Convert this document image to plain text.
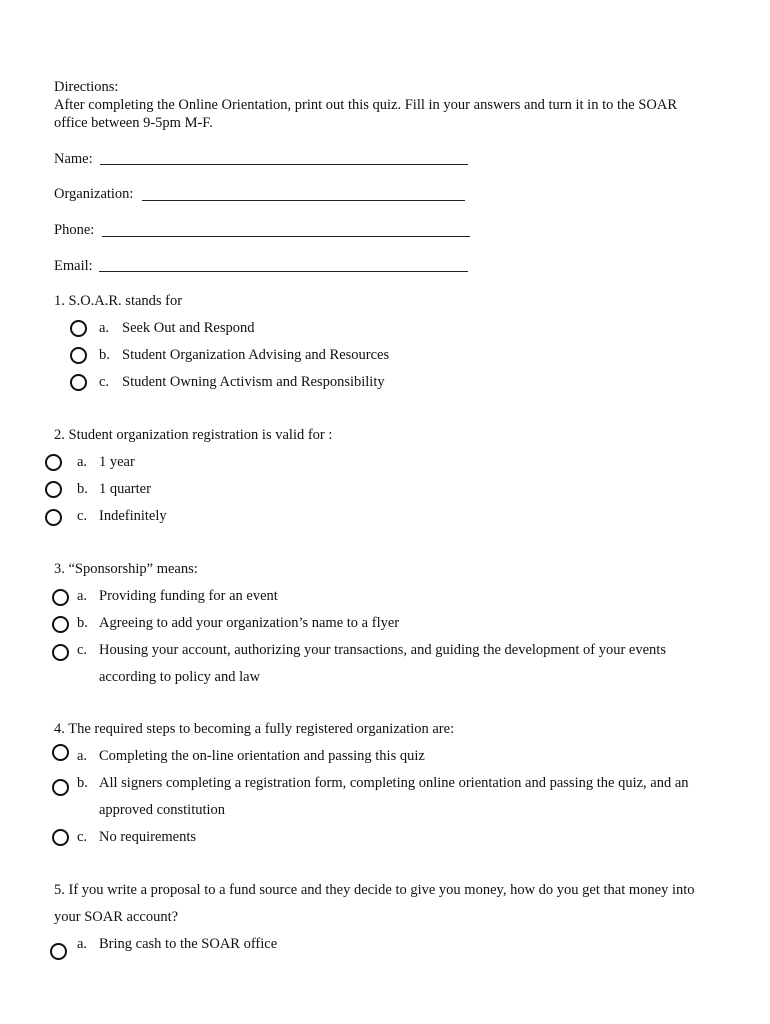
Directions:
After completing the Online Orientation, print out this quiz. Fill in your answers and turn it in to the SOAR
office between 9-5pm M-F.
Name:
Organization:
Phone:
Email:
1. S.O.A.R. stands for
a. Seek Out and Respond
b. Student Organization Advising and Resources
c. Student Owning Activism and Responsibility
2. Student organization registration is valid for :
a. 1 year
b. 1 quarter
c. Indefinitely
3. “Sponsorship” means:
a. Providing funding for an event
b. Agreeing to add your organization’s name to a flyer
c. Housing your account, authorizing your transactions, and guiding the development of your events
according to policy and law
4. The required steps to becoming a fully registered organization are:
a. Completing the on-line orientation and passing this quiz
b. All signers completing a registration form, completing online orientation and passing the quiz, and an
approved constitution
c. No requirements
5. If you write a proposal to a fund source and they decide to give you money, how do you get that money into
your SOAR account?
a. Bring cash to the SOAR office
